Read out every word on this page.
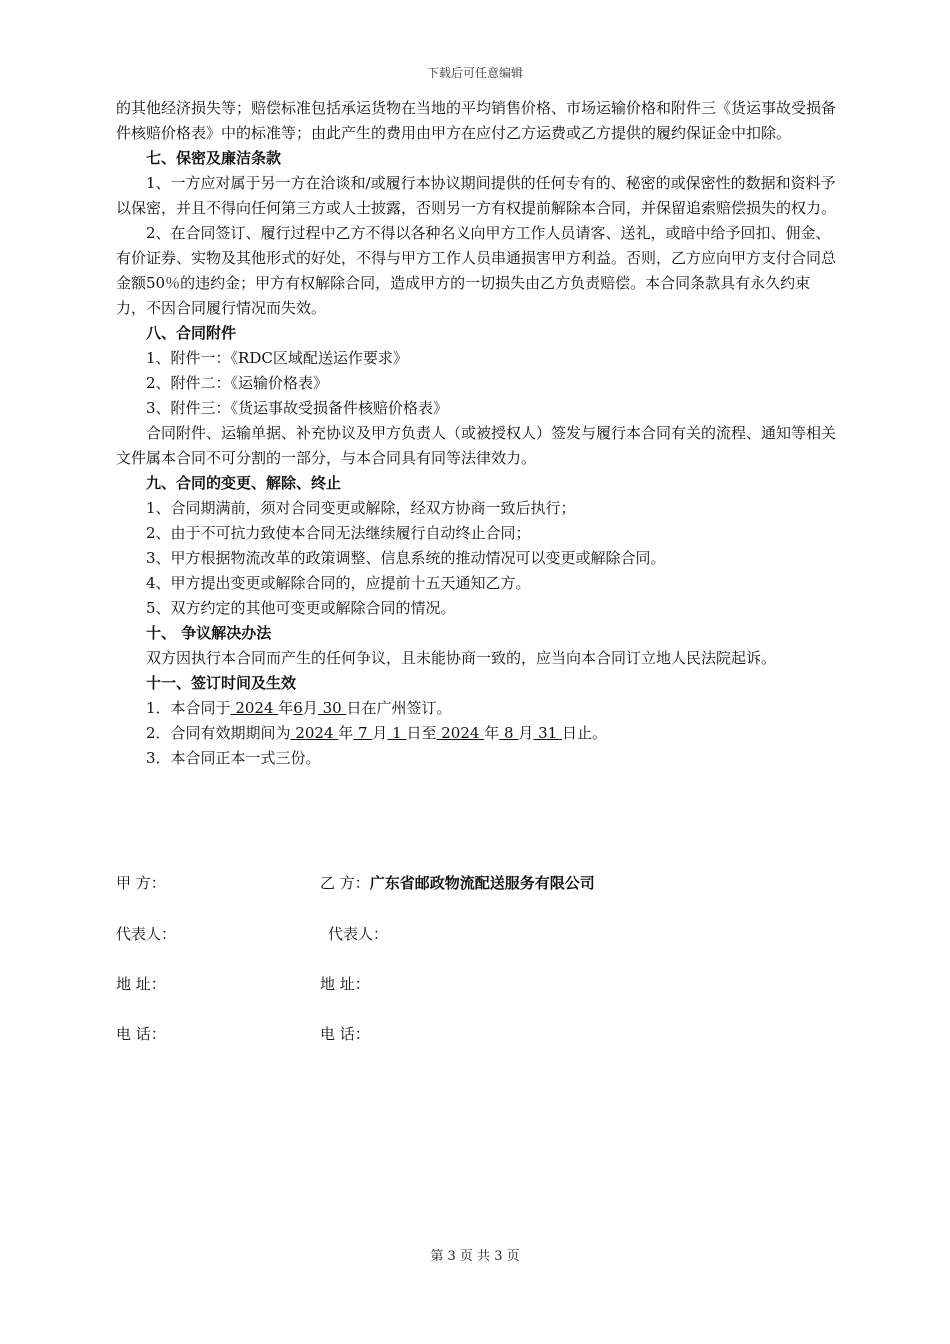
下载后可任意编辑

的其他经济损失等；赔偿标准包括承运货物在当地的平均销售价格、市场运输价格和附件三《货运事故受损备件核赔价格表》中的标准等；由此产生的费用由甲方在应付乙方运费或乙方提供的履约保证金中扣除。

七、保密及廉洁条款

1、一方应对属于另一方在洽谈和/或履行本协议期间提供的任何专有的、秘密的或保密性的数据和资料予以保密，并且不得向任何第三方或人士披露，否则另一方有权提前解除本合同，并保留追索赔偿损失的权力。

2、在合同签订、履行过程中乙方不得以各种名义向甲方工作人员请客、送礼，或暗中给予回扣、佣金、有价证券、实物及其他形式的好处，不得与甲方工作人员串通损害甲方利益。否则，乙方应向甲方支付合同总金额50％的违约金；甲方有权解除合同，造成甲方的一切损失由乙方负责赔偿。本合同条款具有永久约束力，不因合同履行情况而失效。

八、合同附件

1、附件一：《RDC区域配送运作要求》

2、附件二：《运输价格表》

3、附件三：《货运事故受损备件核赔价格表》

合同附件、运输单据、补充协议及甲方负责人（或被授权人）签发与履行本合同有关的流程、通知等相关文件属本合同不可分割的一部分，与本合同具有同等法律效力。

九、合同的变更、解除、终止

1、合同期满前，须对合同变更或解除，经双方协商一致后执行；

2、由于不可抗力致使本合同无法继续履行自动终止合同；

3、甲方根据物流改革的政策调整、信息系统的推动情况可以变更或解除合同。

4、甲方提出变更或解除合同的，应提前十五天通知乙方。

5、双方约定的其他可变更或解除合同的情况。

十、 争议解决办法

双方因执行本合同而产生的任何争议，且未能协商一致的，应当向本合同订立地人民法院起诉。

十一、签订时间及生效

1．本合同于 2024 年6月 30 日在广州签订。

2．合同有效期期间为 2024 年 7 月 1 日至 2024 年 8 月 31 日止。

3．本合同正本一式三份。

甲 方：	乙 方：广东省邮政物流配送服务有限公司
代表人：	代表人：
地 址：	地 址：
电 话：	电 话：
第 3 页 共 3 页
